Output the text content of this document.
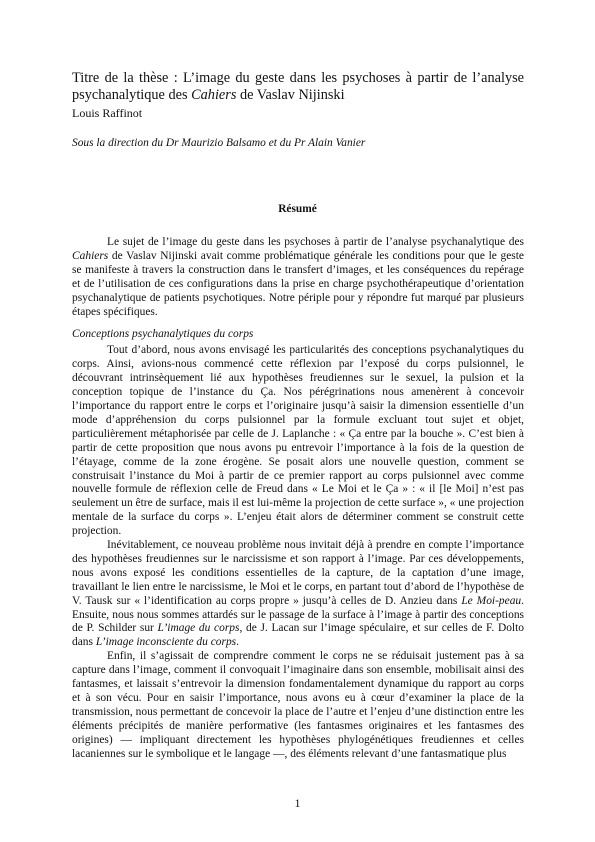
Titre de la thèse : L’image du geste dans les psychoses à partir de l’analyse psychanalytique des Cahiers de Vaslav Nijinski
Louis Raffinot
Sous la direction du Dr Maurizio Balsamo et du Pr Alain Vanier
Résumé

Le sujet de l’image du geste dans les psychoses à partir de l’analyse psychanalytique des Cahiers de Vaslav Nijinski avait comme problématique générale les conditions pour que le geste se manifeste à travers la construction dans le transfert d’images, et les conséquences du repérage et de l’utilisation de ces configurations dans la prise en charge psychothérapeutique d’orientation psychanalytique de patients psychotiques. Notre périple pour y répondre fut marqué par plusieurs étapes spécifiques.

Conceptions psychanalytiques du corps

Tout d’abord, nous avons envisagé les particularités des conceptions psychanalytiques du corps. Ainsi, avions-nous commencé cette réflexion par l’exposé du corps pulsionnel, le découvrant intrinsèquement lié aux hypothèses freudiennes sur le sexuel, la pulsion et la conception topique de l’instance du Ça. Nos pérégrinations nous amenèrent à concevoir l’importance du rapport entre le corps et l’originaire jusqu’à saisir la dimension essentielle d’un mode d’appréhension du corps pulsionnel par la formule excluant tout sujet et objet, particulièrement métaphorisée par celle de J. Laplanche : « Ça entre par la bouche ». C’est bien à partir de cette proposition que nous avons pu entrevoir l’importance à la fois de la question de l’étayage, comme de la zone érogène. Se posait alors une nouvelle question, comment se construisait l’instance du Moi à partir de ce premier rapport au corps pulsionnel avec comme nouvelle formule de réflexion celle de Freud dans « Le Moi et le Ça » : « il [le Moi] n’est pas seulement un être de surface, mais il est lui-même la projection de cette surface », « une projection mentale de la surface du corps ». L’enjeu était alors de déterminer comment se construit cette projection.

Inévitablement, ce nouveau problème nous invitait déjà à prendre en compte l’importance des hypothèses freudiennes sur le narcissisme et son rapport à l’image. Par ces développements, nous avons exposé les conditions essentielles de la capture, de la captation d’une image, travaillant le lien entre le narcissisme, le Moi et le corps, en partant tout d’abord de l’hypothèse de V. Tausk sur « l’identification au corps propre » jusqu’à celles de D. Anzieu dans Le Moi-peau. Ensuite, nous nous sommes attardés sur le passage de la surface à l’image à partir des conceptions de P. Schilder sur L’image du corps, de J. Lacan sur l’image spéculaire, et sur celles de F. Dolto dans L’image inconsciente du corps.

Enfin, il s’agissait de comprendre comment le corps ne se réduisait justement pas à sa capture dans l’image, comment il convoquait l’imaginaire dans son ensemble, mobilisait ainsi des fantasmes, et laissait s’entrevoir la dimension fondamentalement dynamique du rapport au corps et à son vécu. Pour en saisir l’importance, nous avons eu à cœur d’examiner la place de la transmission, nous permettant de concevoir la place de l’autre et l’enjeu d’une distinction entre les éléments précipités de manière performative (les fantasmes originaires et les fantasmes des origines) — impliquant directement les hypothèses phylogénétiques freudiennes et celles lacaniennes sur le symbolique et le langage —, des éléments relevant d’une fantasmatique plus

1
